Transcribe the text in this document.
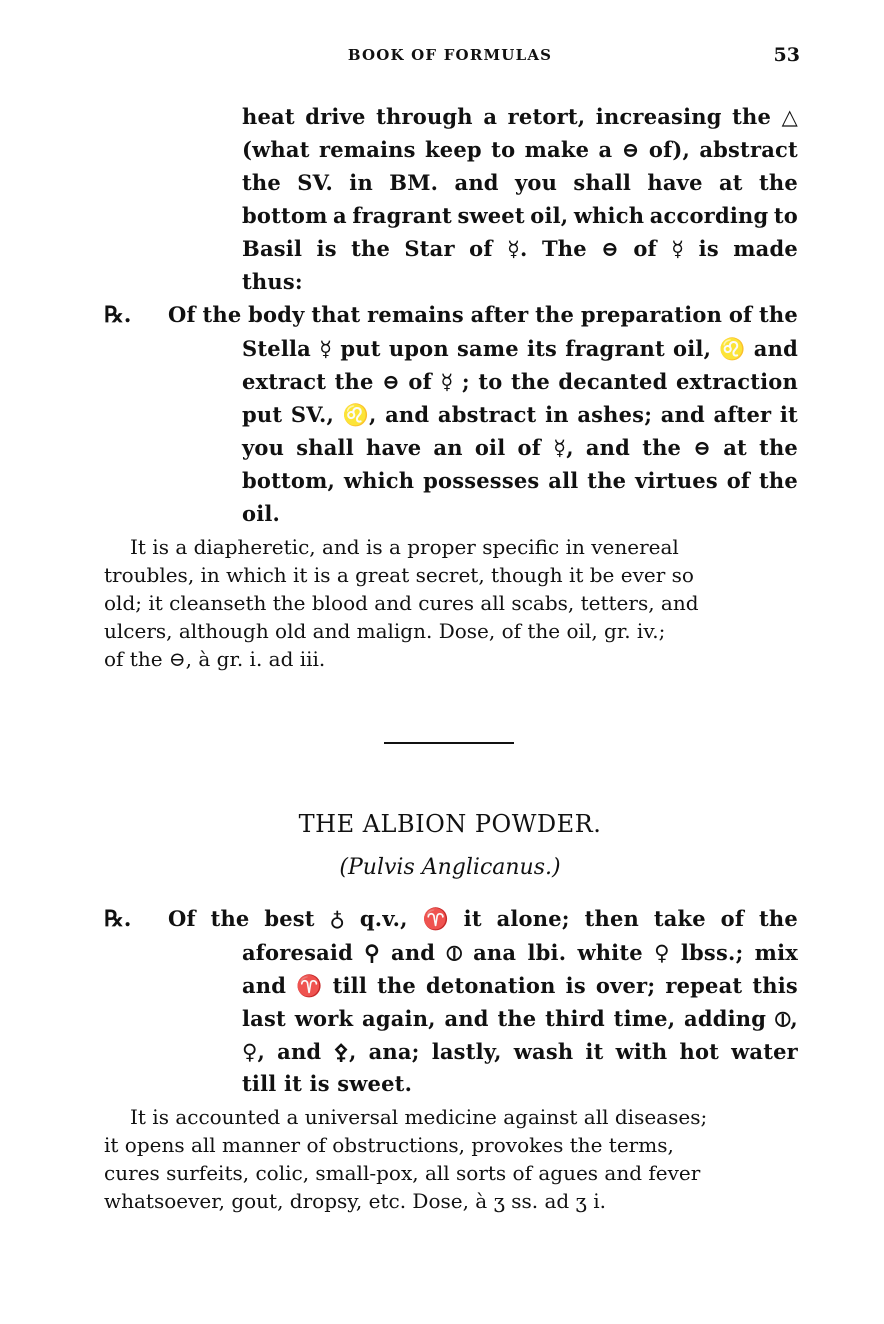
BOOK OF FORMULAS	53
heat drive through a retort, increasing the △
(what remains keep to make a ⊖ of), abstract
the SV. in BM. and you shall have at the
bottom a fragrant sweet oil, which according to
Basil is the Star of ☿. The ⊖ of ☿ is made
thus:
℞. Of the body that remains after the preparation of the
Stella ☿ put upon same its fragrant oil, ♌ and
extract the ⊖ of ☿ ; to the decanted extraction
put SV., ♌, and abstract in ashes; and after it
you shall have an oil of ☿, and the ⊖ at the
bottom, which possesses all the virtues of the
oil.
It is a diapheretic, and is a proper specific in venereal
troubles, in which it is a great secret, though it be ever so
old; it cleanseth the blood and cures all scabs, tetters, and
ulcers, although old and malign. Dose, of the oil, gr. iv.;
of the ⊖, à gr. i. ad iii.
THE ALBION POWDER.
(Pulvis Anglicanus.)
℞. Of the best ♁ q.v., ♈ it alone; then take of the
aforesaid ⚲ and ⦶ ana lbi. white ♀ lbss.; mix
and ♈ till the detonation is over; repeat this
last work again, and the third time, adding ⦶,
♀, and ⚴, ana; lastly, wash it with hot water
till it is sweet.
It is accounted a universal medicine against all diseases;
it opens all manner of obstructions, provokes the terms,
cures surfeits, colic, small-pox, all sorts of agues and fever
whatsoever, gout, dropsy, etc. Dose, à ʒ ss. ad ʒ i.
